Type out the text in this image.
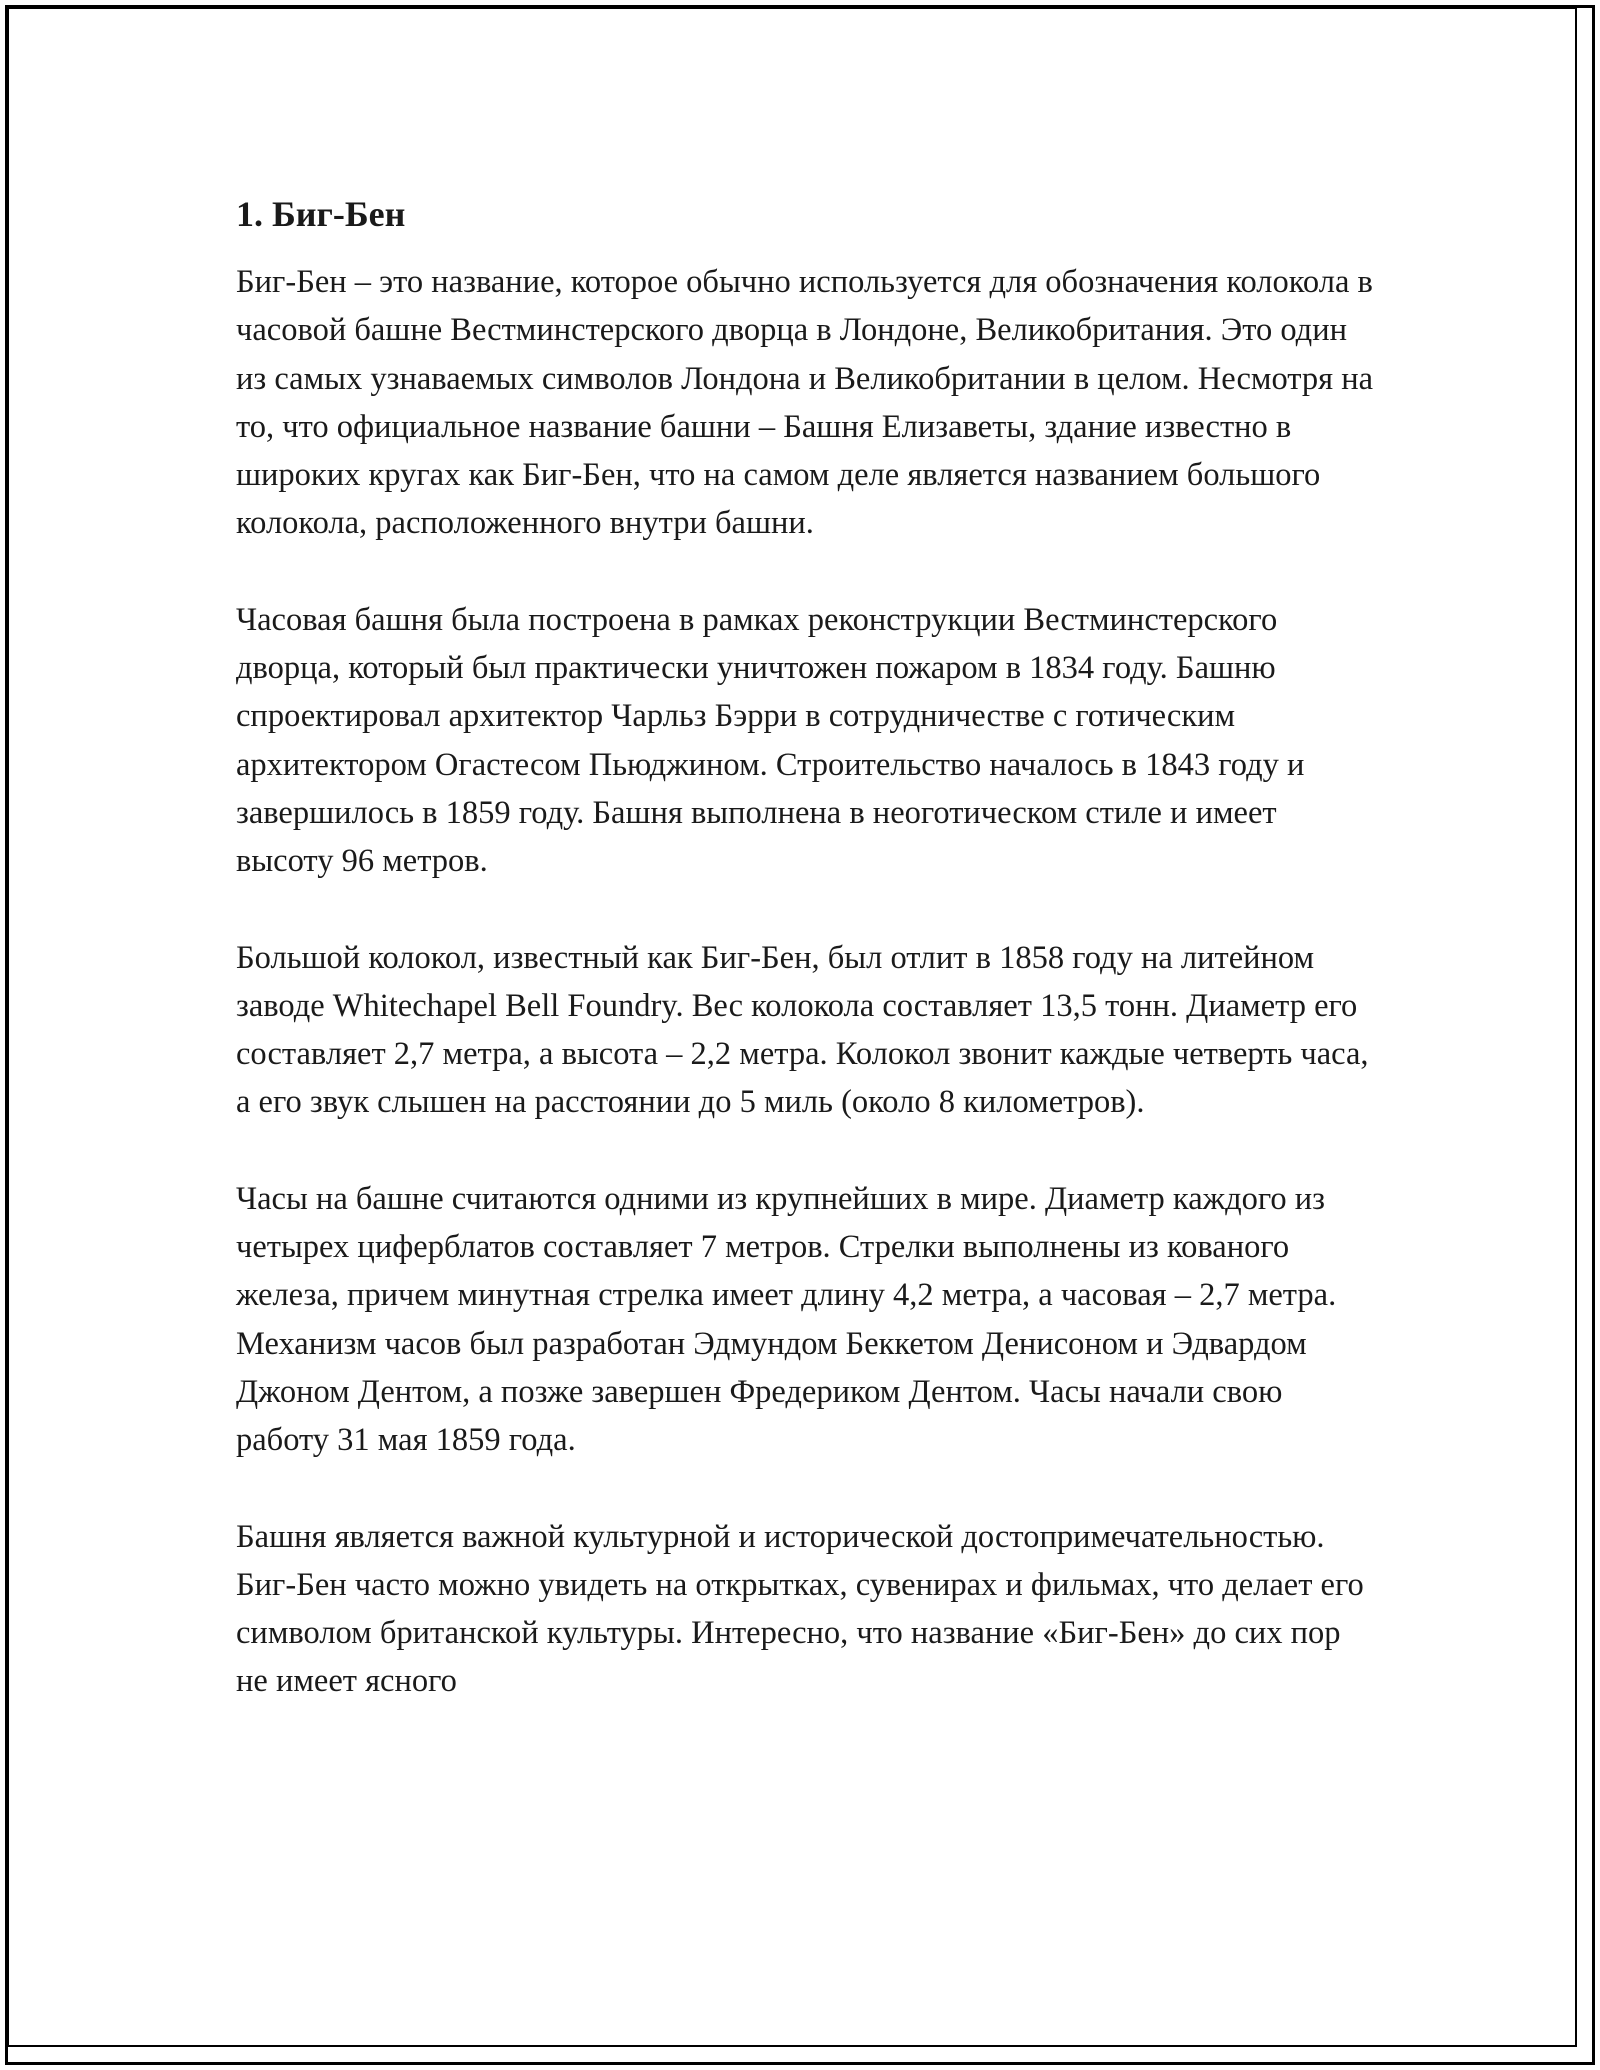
1. Биг-Бен

Биг-Бен – это название, которое обычно используется для обозначения колокола в часовой башне Вестминстерского дворца в Лондоне, Великобритания. Это один из самых узнаваемых символов Лондона и Великобритании в целом. Несмотря на то, что официальное название башни – Башня Елизаветы, здание известно в широких кругах как Биг-Бен, что на самом деле является названием большого колокола, расположенного внутри башни.

Часовая башня была построена в рамках реконструкции Вестминстерского дворца, который был практически уничтожен пожаром в 1834 году. Башню спроектировал архитектор Чарльз Бэрри в сотрудничестве с готическим архитектором Огастесом Пьюджином. Строительство началось в 1843 году и завершилось в 1859 году. Башня выполнена в неоготическом стиле и имеет высоту 96 метров.

Большой колокол, известный как Биг-Бен, был отлит в 1858 году на литейном заводе Whitechapel Bell Foundry. Вес колокола составляет 13,5 тонн. Диаметр его составляет 2,7 метра, а высота – 2,2 метра. Колокол звонит каждые четверть часа, а его звук слышен на расстоянии до 5 миль (около 8 километров).

Часы на башне считаются одними из крупнейших в мире. Диаметр каждого из четырех циферблатов составляет 7 метров. Стрелки выполнены из кованого железа, причем минутная стрелка имеет длину 4,2 метра, а часовая – 2,7 метра. Механизм часов был разработан Эдмундом Беккетом Денисоном и Эдвардом Джоном Дентом, а позже завершен Фредериком Дентом. Часы начали свою работу 31 мая 1859 года.

Башня является важной культурной и исторической достопримечательностью. Биг-Бен часто можно увидеть на открытках, сувенирах и фильмах, что делает его символом британской культуры. Интересно, что название «Биг-Бен» до сих пор не имеет ясного
